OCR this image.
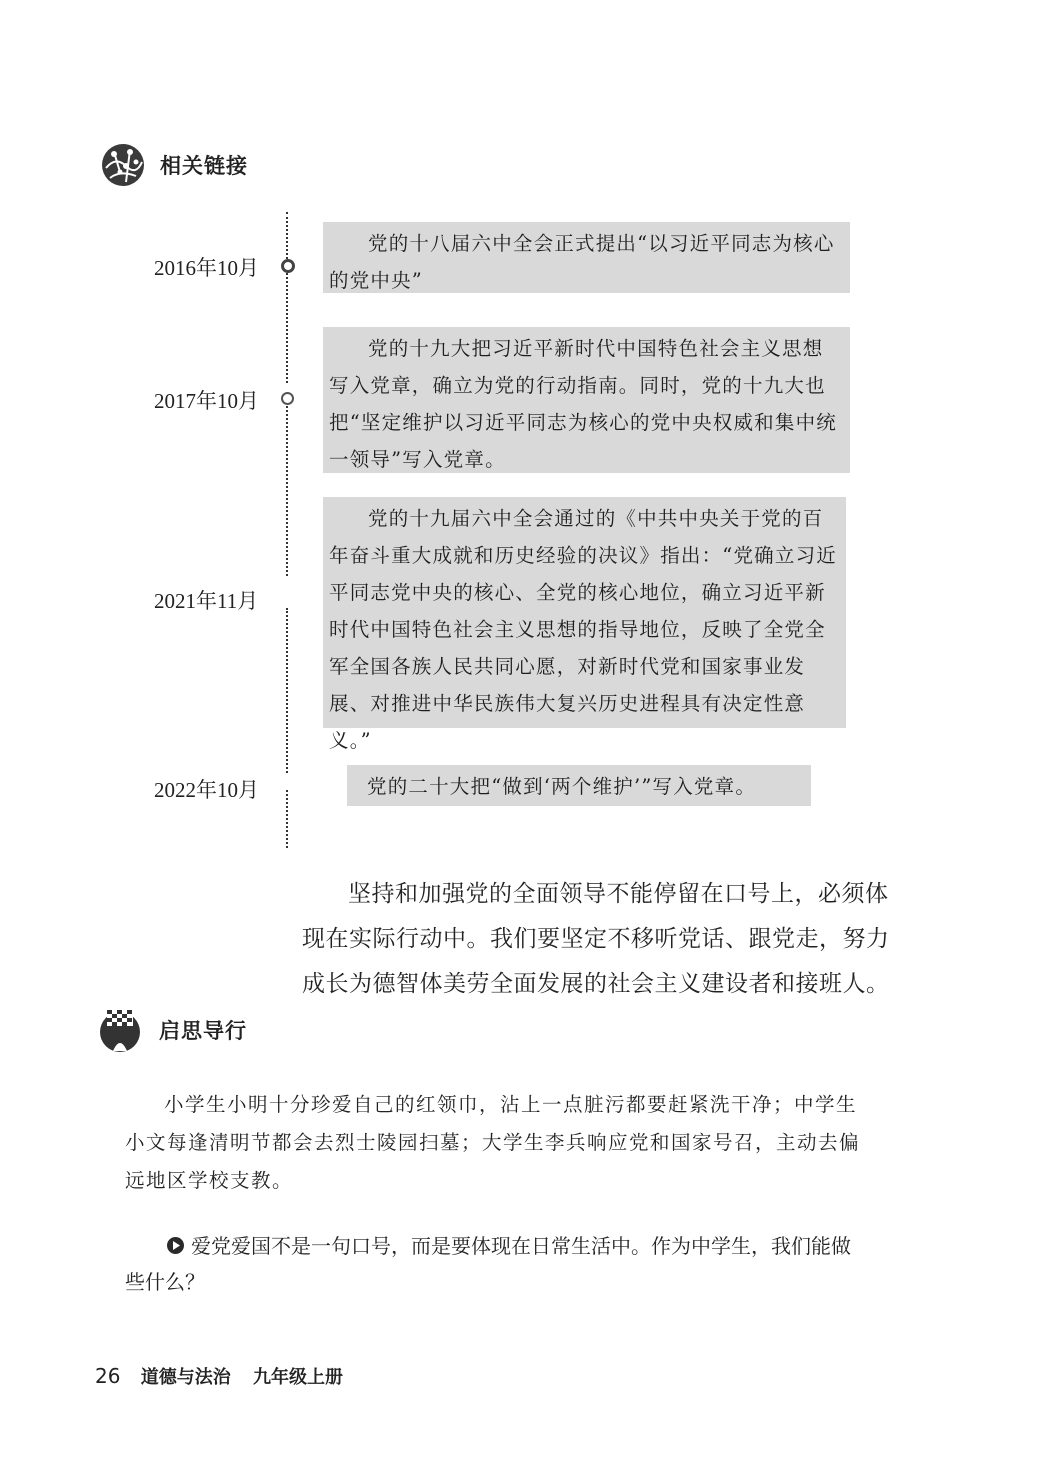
相关链接
2016年10月
2017年10月
2021年11月
2022年10月

党的十八届六中全会正式提出“以习近平同志为核心的党中央”

党的十九大把习近平新时代中国特色社会主义思想写入党章，确立为党的行动指南。同时，党的十九大也把“坚定维护以习近平同志为核心的党中央权威和集中统一领导”写入党章。

党的十九届六中全会通过的《中共中央关于党的百年奋斗重大成就和历史经验的决议》指出：“党确立习近平同志党中央的核心、全党的核心地位，确立习近平新时代中国特色社会主义思想的指导地位，反映了全党全军全国各族人民共同心愿，对新时代党和国家事业发展、对推进中华民族伟大复兴历史进程具有决定性意义。”

党的二十大把“做到‘两个维护’”写入党章。

坚持和加强党的全面领导不能停留在口号上，必须体现在实际行动中。我们要坚定不移听党话、跟党走，努力成长为德智体美劳全面发展的社会主义建设者和接班人。

启思导行

小学生小明十分珍爱自己的红领巾，沾上一点脏污都要赶紧洗干净；中学生小文每逢清明节都会去烈士陵园扫墓；大学生李兵响应党和国家号召，主动去偏远地区学校支教。

爱党爱国不是一句口号，而是要体现在日常生活中。作为中学生，我们能做些什么？

26 道德与法治 九年级上册
